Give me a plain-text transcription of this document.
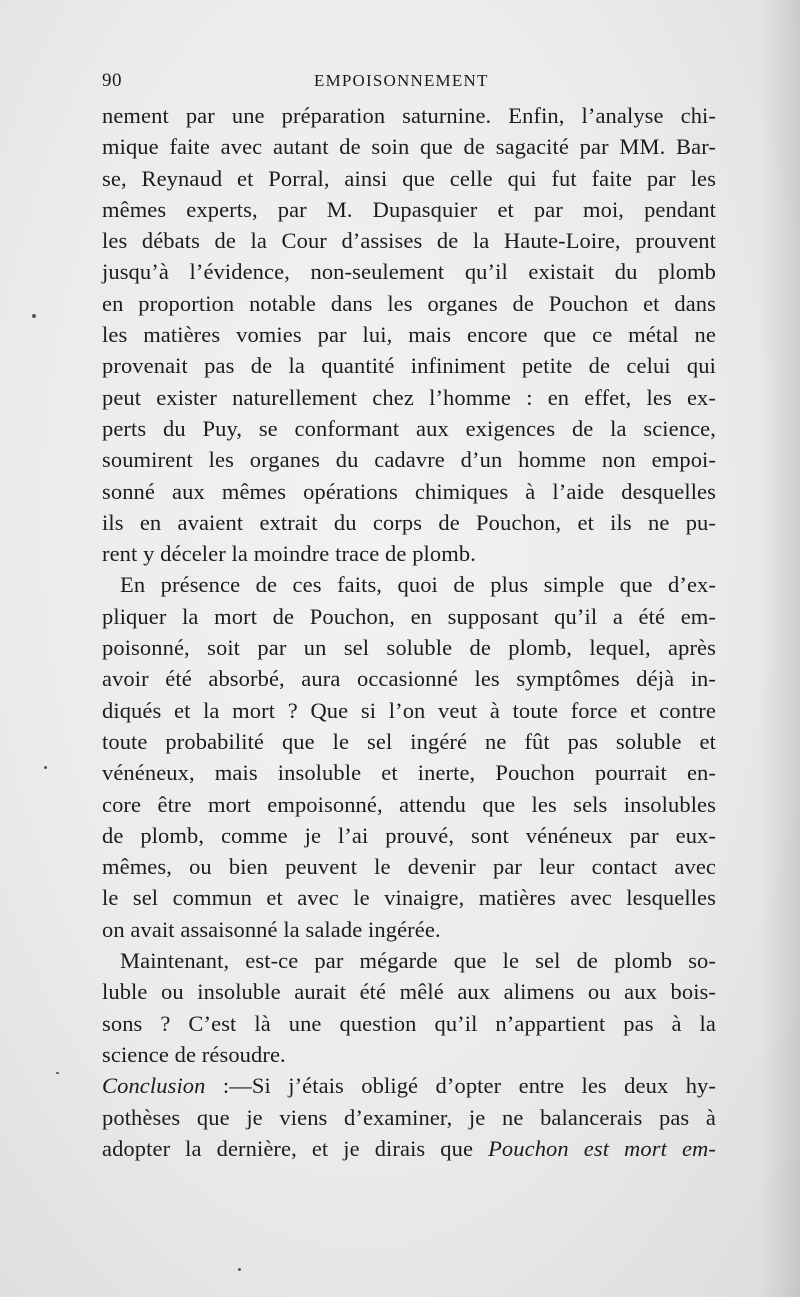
90	EMPOISONNEMENT
nement par une préparation saturnine. Enfin, l’analyse chi-
mique faite avec autant de soin que de sagacité par MM. Bar-
se, Reynaud et Porral, ainsi que celle qui fut faite par les
mêmes experts, par M. Dupasquier et par moi, pendant
les débats de la Cour d’assises de la Haute-Loire, prouvent
jusqu’à l’évidence, non-seulement qu’il existait du plomb
en proportion notable dans les organes de Pouchon et dans
les matières vomies par lui, mais encore que ce métal ne
provenait pas de la quantité infiniment petite de celui qui
peut exister naturellement chez l’homme : en effet, les ex-
perts du Puy, se conformant aux exigences de la science,
soumirent les organes du cadavre d’un homme non empoi-
sonné aux mêmes opérations chimiques à l’aide desquelles
ils en avaient extrait du corps de Pouchon, et ils ne pu-
rent y déceler la moindre trace de plomb.
En présence de ces faits, quoi de plus simple que d’ex-
pliquer la mort de Pouchon, en supposant qu’il a été em-
poisonné, soit par un sel soluble de plomb, lequel, après
avoir été absorbé, aura occasionné les symptômes déjà in-
diqués et la mort ? Que si l’on veut à toute force et contre
toute probabilité que le sel ingéré ne fût pas soluble et
vénéneux, mais insoluble et inerte, Pouchon pourrait en-
core être mort empoisonné, attendu que les sels insolubles
de plomb, comme je l’ai prouvé, sont vénéneux par eux-
mêmes, ou bien peuvent le devenir par leur contact avec
le sel commun et avec le vinaigre, matières avec lesquelles
on avait assaisonné la salade ingérée.
Maintenant, est-ce par mégarde que le sel de plomb so-
luble ou insoluble aurait été mêlé aux alimens ou aux bois-
sons ? C’est là une question qu’il n’appartient pas à la
science de résoudre.
Conclusion :—Si j’étais obligé d’opter entre les deux hy-
pothèses que je viens d’examiner, je ne balancerais pas à
adopter la dernière, et je dirais que Pouchon est mort em-
